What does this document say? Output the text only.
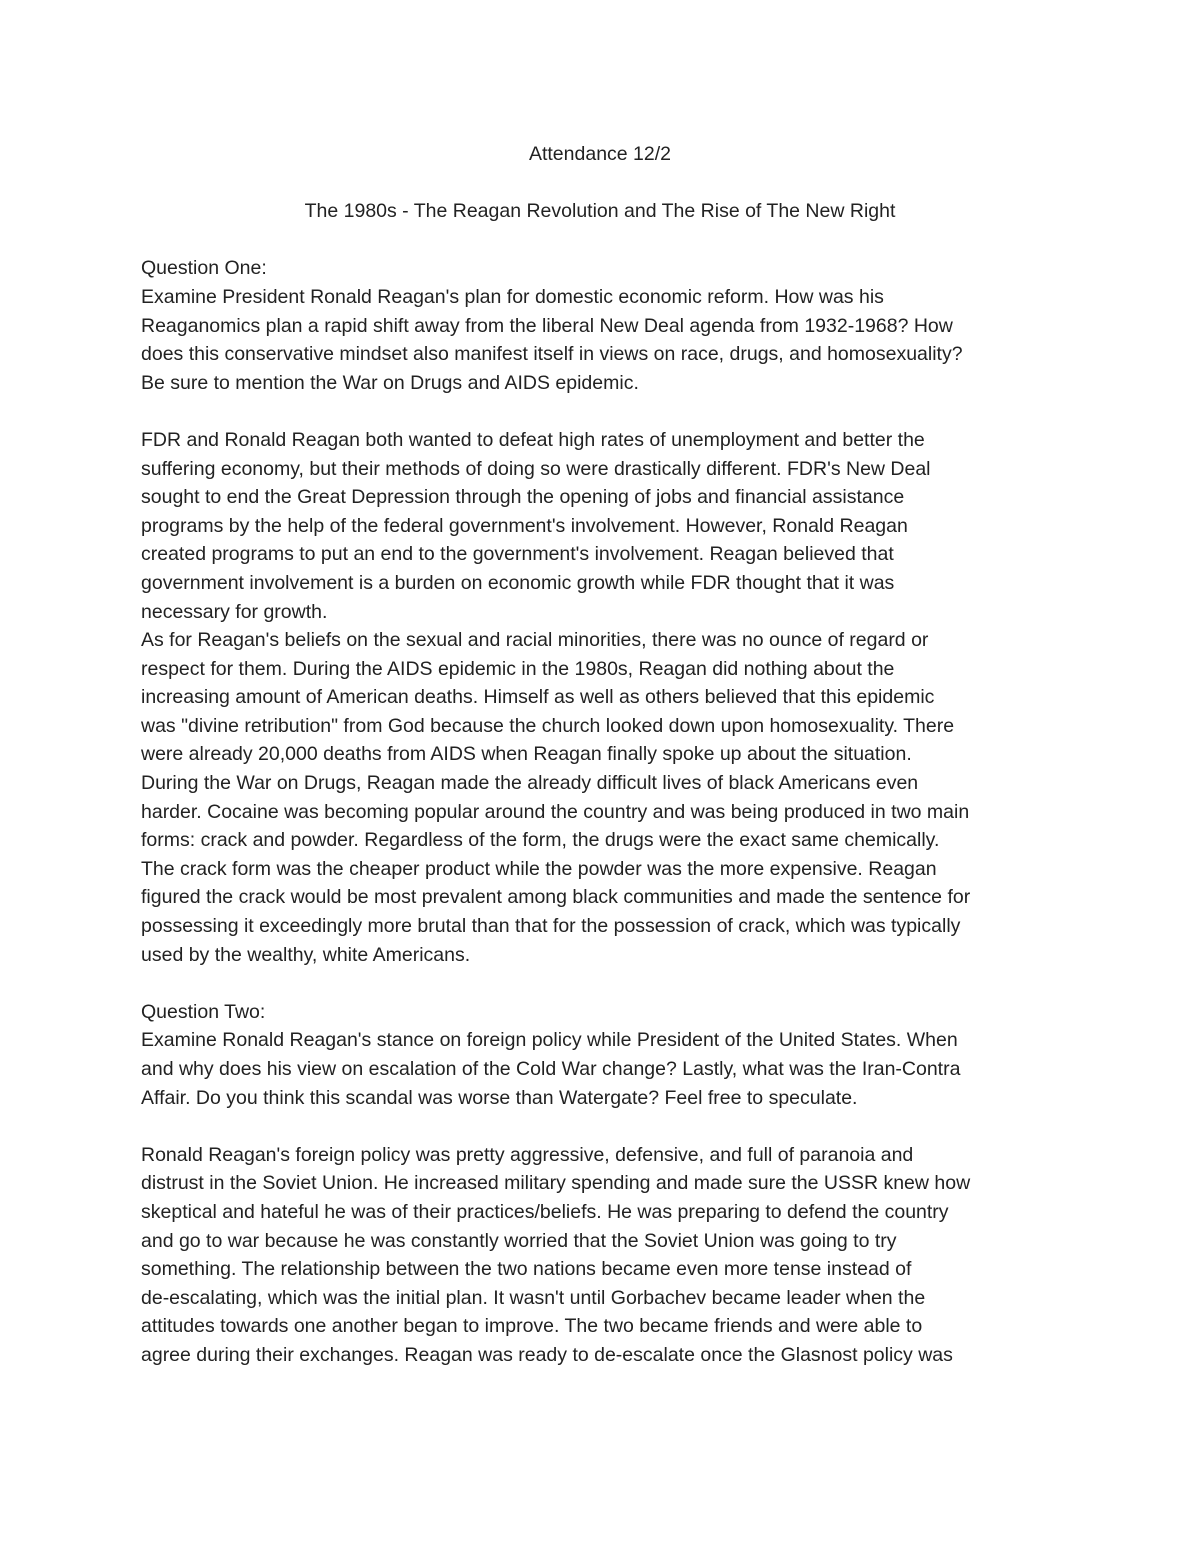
Attendance 12/2
The 1980s - The Reagan Revolution and The Rise of The New Right
Question One:
Examine President Ronald Reagan's plan for domestic economic reform. How was his
Reaganomics plan a rapid shift away from the liberal New Deal agenda from 1932-1968? How
does this conservative mindset also manifest itself in views on race, drugs, and homosexuality?
Be sure to mention the War on Drugs and AIDS epidemic.
FDR and Ronald Reagan both wanted to defeat high rates of unemployment and better the
suffering economy, but their methods of doing so were drastically different. FDR's New Deal
sought to end the Great Depression through the opening of jobs and financial assistance
programs by the help of the federal government's involvement. However, Ronald Reagan
created programs to put an end to the government's involvement. Reagan believed that
government involvement is a burden on economic growth while FDR thought that it was
necessary for growth.
As for Reagan's beliefs on the sexual and racial minorities, there was no ounce of regard or
respect for them. During the AIDS epidemic in the 1980s, Reagan did nothing about the
increasing amount of American deaths. Himself as well as others believed that this epidemic
was "divine retribution" from God because the church looked down upon homosexuality. There
were already 20,000 deaths from AIDS when Reagan finally spoke up about the situation.
During the War on Drugs, Reagan made the already difficult lives of black Americans even
harder. Cocaine was becoming popular around the country and was being produced in two main
forms: crack and powder. Regardless of the form, the drugs were the exact same chemically.
The crack form was the cheaper product while the powder was the more expensive. Reagan
figured the crack would be most prevalent among black communities and made the sentence for
possessing it exceedingly more brutal than that for the possession of crack, which was typically
used by the wealthy, white Americans.
Question Two:
Examine Ronald Reagan's stance on foreign policy while President of the United States. When
and why does his view on escalation of the Cold War change? Lastly, what was the Iran-Contra
Affair. Do you think this scandal was worse than Watergate? Feel free to speculate.
Ronald Reagan's foreign policy was pretty aggressive, defensive, and full of paranoia and
distrust in the Soviet Union. He increased military spending and made sure the USSR knew how
skeptical and hateful he was of their practices/beliefs. He was preparing to defend the country
and go to war because he was constantly worried that the Soviet Union was going to try
something. The relationship between the two nations became even more tense instead of
de-escalating, which was the initial plan. It wasn't until Gorbachev became leader when the
attitudes towards one another began to improve. The two became friends and were able to
agree during their exchanges. Reagan was ready to de-escalate once the Glasnost policy was
